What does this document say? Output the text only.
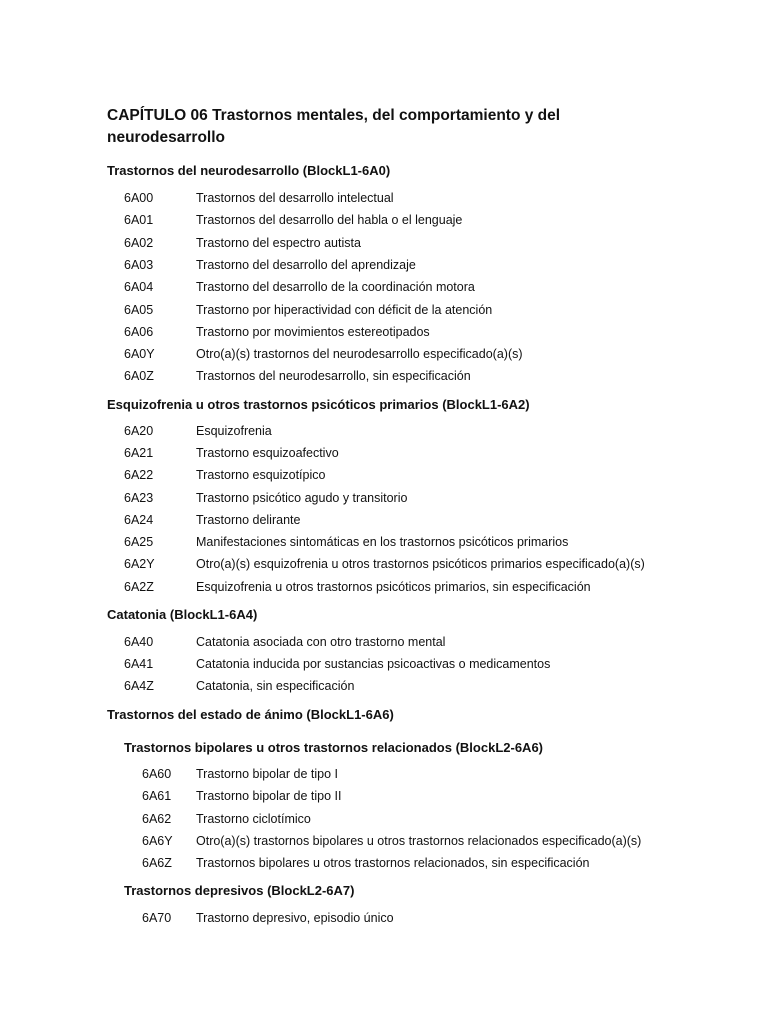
CAPÍTULO 06 Trastornos mentales, del comportamiento y del neurodesarrollo
Trastornos del neurodesarrollo (BlockL1-6A0)
6A00	Trastornos del desarrollo intelectual
6A01	Trastornos del desarrollo del habla o el lenguaje
6A02	Trastorno del espectro autista
6A03	Trastorno del desarrollo del aprendizaje
6A04	Trastorno del desarrollo de la coordinación motora
6A05	Trastorno por hiperactividad con déficit de la atención
6A06	Trastorno por movimientos estereotipados
6A0Y	Otro(a)(s) trastornos del neurodesarrollo especificado(a)(s)
6A0Z	Trastornos del neurodesarrollo, sin especificación
Esquizofrenia u otros trastornos psicóticos primarios (BlockL1-6A2)
6A20	Esquizofrenia
6A21	Trastorno esquizoafectivo
6A22	Trastorno esquizotípico
6A23	Trastorno psicótico agudo y transitorio
6A24	Trastorno delirante
6A25	Manifestaciones sintomáticas en los trastornos psicóticos primarios
6A2Y	Otro(a)(s) esquizofrenia u otros trastornos psicóticos primarios especificado(a)(s)
6A2Z	Esquizofrenia u otros trastornos psicóticos primarios, sin especificación
Catatonia (BlockL1-6A4)
6A40	Catatonia asociada con otro trastorno mental
6A41	Catatonia inducida por sustancias psicoactivas o medicamentos
6A4Z	Catatonia, sin especificación
Trastornos del estado de ánimo (BlockL1-6A6)
Trastornos bipolares u otros trastornos relacionados (BlockL2-6A6)
6A60 Trastorno bipolar de tipo I
6A61 Trastorno bipolar de tipo II
6A62 Trastorno ciclotímico
6A6Y Otro(a)(s) trastornos bipolares u otros trastornos relacionados especificado(a)(s)
6A6Z Trastornos bipolares u otros trastornos relacionados, sin especificación
Trastornos depresivos (BlockL2-6A7)
6A70 Trastorno depresivo, episodio único
